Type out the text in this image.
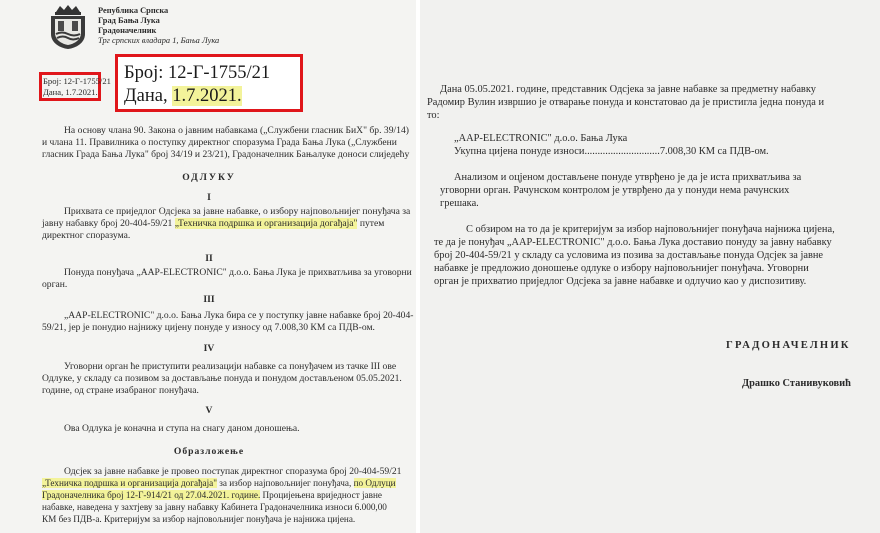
Република Српска
Град Бања Лука
Градоначелник
Трг српских владара 1, Бања Лука
Број: 12-Г-1755/21
Дана, 1.7.2021.
Број: 12-Г-1755/21
Дана, 1.7.2021.
На основу члана 90. Закона о јавним набавкама („Службени гласник БиХ" бр. 39/14)
и члана 11. Правилника о поступку директног споразума Града Бања Лука („Службени
гласник Града Бања Лука" број 34/19 и 23/21), Градоначелник Бањалуке доноси слиједећу
ОДЛУКУ
I
Прихвата се приједлог Одсјека за јавне набавке, о избору најповољнијег понуђача за
јавну набавку број 20-404-59/21 „Техничка подршка и организација догађаја" путем
директног споразума.
II
Понуда понуђача „AAP-ELECTRONIC" д.о.о. Бања Лука је прихватљива за уговорни
орган.
III
„AAP-ELECTRONIC" д.о.о. Бања Лука бира се у поступку јавне набавке број 20-404-
59/21, јер је понудио најнижу цијену понуде у износу од 7.008,30 КМ са ПДВ-ом.
IV
Уговорни орган ће приступити реализацији набавке са понуђачем из тачке III ове
Одлуке, у складу са позивом за достављање понуда и понудом достављеном 05.05.2021.
године, од стране изабраног понуђача.
V
Ова Одлука је коначна и ступа на снагу даном доношења.
Образложење
Одсјек за јавне набавке је провео поступак директног споразума број 20-404-59/21
„Техничка подршка и организација догађаја" за избор најповољнијег понуђача, по Одлуци
Градоначелника број 12-Г-914/21 од 27.04.2021. године. Процијењена вриједност јавне
набавке, наведена у захтјеву за јавну набавку Кабинета Градоначелника износи 6.000,00
КМ без ПДВ-а. Критеријум за избор најповољнијег понуђача је најнижа цијена.
Дана 05.05.2021. године, представник Одсјека за јавне набавке за предметну набавку
Радомир Вулин извршио је отварање понуда и констатовао да је пристигла једна понуда и
то:
„AAP-ELECTRONIC" д.о.о. Бања Лука
Укупна цијена понуде износи.............................7.008,30 КМ са ПДВ-ом.
Анализом и оцјеном достављене понуде утврђено је да је иста прихватљива за
уговорни орган. Рачунском контролом је утврђено да у понуди нема рачунских
грешака.
С обзиром на то да је критеријум за избор најповољнијег понуђача најнижа цијена,
те да је понуђач „AAP-ELECTRONIC" д.о.о. Бања Лука доставио понуду за јавну набавку
број 20-404-59/21 у складу са условима из позива за достављање понуда Одсјек за јавне
набавке је предложио доношење одлуке о избору најповољнијег понуђача. Уговорни
орган је прихватио приједлог Одсјека за јавне набавке и одлучио као у диспозитиву.
ГРАДОНАЧЕЛНИК
Драшко Станивуковић
